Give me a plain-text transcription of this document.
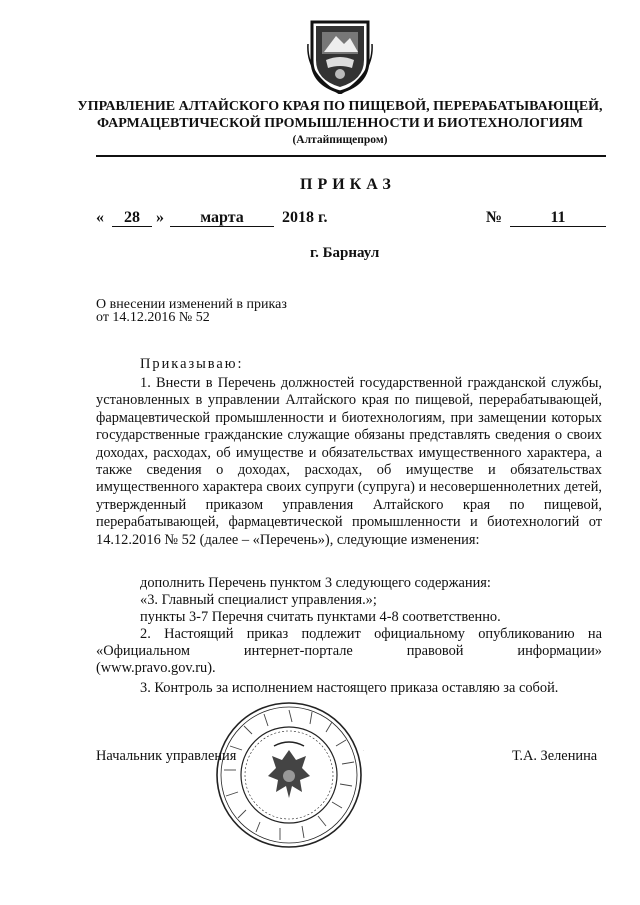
УПРАВЛЕНИЕ АЛТАЙСКОГО КРАЯ ПО ПИЩЕВОЙ, ПЕРЕРАБАТЫВАЮЩЕЙ,
ФАРМАЦЕВТИЧЕСКОЙ ПРОМЫШЛЕННОСТИ И БИОТЕХНОЛОГИЯМ
(Алтайпищепром)
ПРИКАЗ
«	28	»	марта	2018 г.	№	11
г. Барнаул
О внесении изменений в приказ
от 14.12.2016 № 52
Приказываю:
1. Внести в Перечень должностей государственной гражданской службы, установленных в управлении Алтайского края по пищевой, перерабатывающей, фармацевтической промышленности и биотехнологиям, при замещении которых государственные гражданские служащие обязаны представлять сведения о своих доходах, расходах, об имуществе и обязательствах имущественного характера, а также сведения о доходах, расходах, об имуществе и обязательствах имущественного характера своих супруги (супруга) и несовершеннолетних детей, утвержденный приказом управления Алтайского края по пищевой, перерабатывающей, фармацевтической промышленности и биотехнологий от 14.12.2016 № 52 (далее – «Перечень»), следующие изменения:
дополнить Перечень пунктом 3 следующего содержания:
«3. Главный специалист управления.»;
пункты 3-7 Перечня считать пунктами 4-8 соответственно.
2. Настоящий приказ подлежит официальному опубликованию на
«Официальном интернет-портале правовой информации»
(www.pravo.gov.ru).
3. Контроль за исполнением настоящего приказа оставляю за собой.
Начальник управления	Т.А. Зеленина
